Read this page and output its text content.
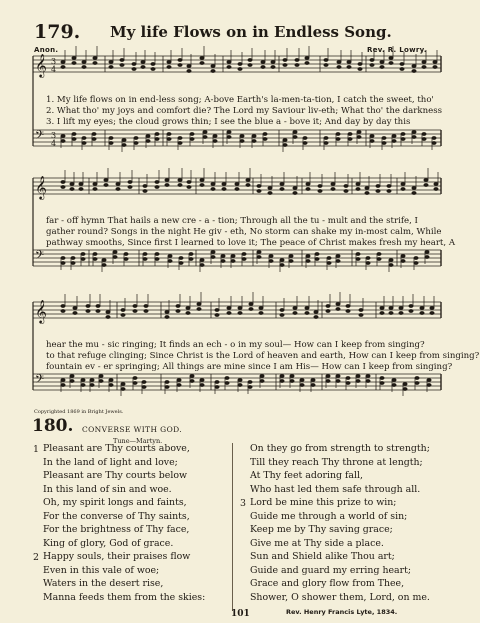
179. My life Flows on in Endless Song.
Anon.	Rev. R. Lowry.
𝄞 3
4
𝄢 3
4
𝄞
𝄢
𝄞
𝄢
1. My life flows on in end-less song; A-bove Earth's la-men-ta-tion, I catch the sweet, tho'
2. What tho' my joys and comfort die? The Lord my Saviour liv-eth; What tho' the darkness
3. I lift my eyes; the cloud grows thin; I see the blue a - bove it; And day by day this
far - off hymn That hails a new cre - a - tion; Through all the tu - mult and the strife, I
gather round? Songs in the night He giv - eth, No storm can shake my in-most calm, While
pathway smooths, Since first I learned to love it; The peace of Christ makes fresh my heart, A
hear the mu - sic ringing; It finds an ech - o in my soul— How can I keep from singing?
to that refuge clinging; Since Christ is the Lord of heaven and earth, How can I keep from singing?
fountain ev - er springing; All things are mine since I am His— How can I keep from singing?
Copyrighted 1869 in Bright Jewels.
180. CONVERSE WITH GOD.
Tune—Martyn.
1 Pleasant are Thy courts above,
In the land of light and love;
Pleasant are Thy courts below
In this land of sin and woe.
Oh, my spirit longs and faints,
For the converse of Thy saints,
For the brightness of Thy face,
King of glory, God of grace.
2 Happy souls, their praises flow
Even in this vale of woe;
Waters in the desert rise,
Manna feeds them from the skies:
On they go from strength to strength;
Till they reach Thy throne at length;
At Thy feet adoring fall,
Who hast led them safe through all.
3 Lord be mine this prize to win;
Guide me through a world of sin;
Keep me by Thy saving grace;
Give me at Thy side a place.
Sun and Shield alike Thou art;
Guide and guard my erring heart;
Grace and glory flow from Thee,
Shower, O shower them, Lord, on me.
101	Rev. Henry Francis Lyte, 1834.
